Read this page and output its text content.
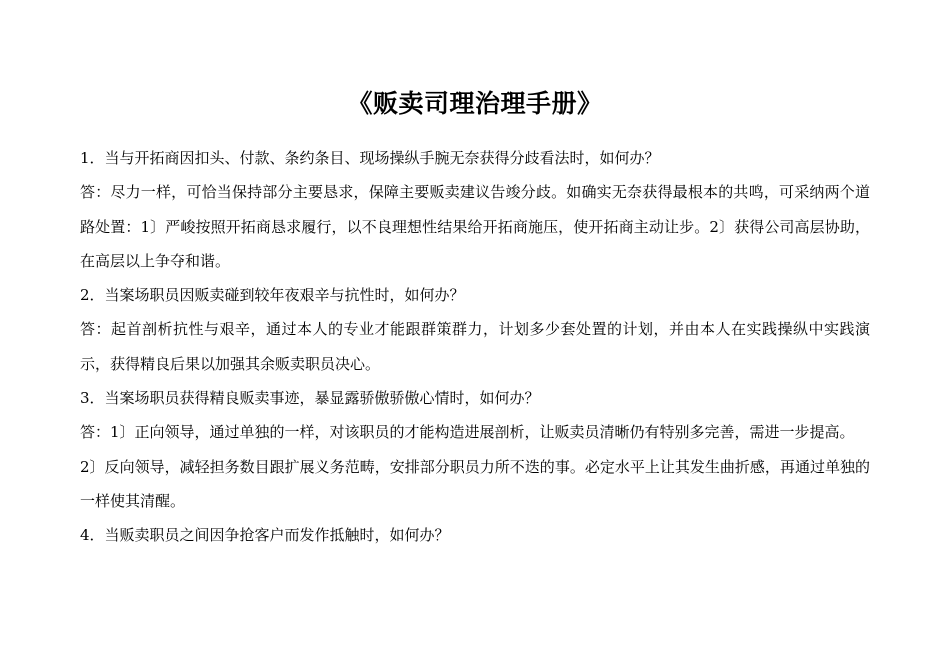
《贩卖司理治理手册》

1．当与开拓商因扣头、付款、条约条目、现场操纵手腕无奈获得分歧看法时，如何办？

答：尽力一样，可恰当保持部分主要恳求，保障主要贩卖建议告竣分歧。如确实无奈获得最根本的共鸣，可采纳两个道路处置：1〕严峻按照开拓商恳求履行，以不良理想性结果给开拓商施压，使开拓商主动让步。2〕获得公司高层协助，在高层以上争夺和谐。

2．当案场职员因贩卖碰到较年夜艰辛与抗性时，如何办？

答：起首剖析抗性与艰辛，通过本人的专业才能跟群策群力，计划多少套处置的计划，并由本人在实践操纵中实践演示，获得精良后果以加强其余贩卖职员决心。

3．当案场职员获得精良贩卖事迹，暴显露骄傲骄傲心情时，如何办？

答：1〕正向领导，通过单独的一样，对该职员的才能构造进展剖析，让贩卖员清晰仍有特别多完善，需进一步提高。

2〕反向领导，减轻担务数目跟扩展义务范畴，安排部分职员力所不迭的事。必定水平上让其发生曲折感，再通过单独的一样使其清醒。

4．当贩卖职员之间因争抢客户而发作抵触时，如何办？
